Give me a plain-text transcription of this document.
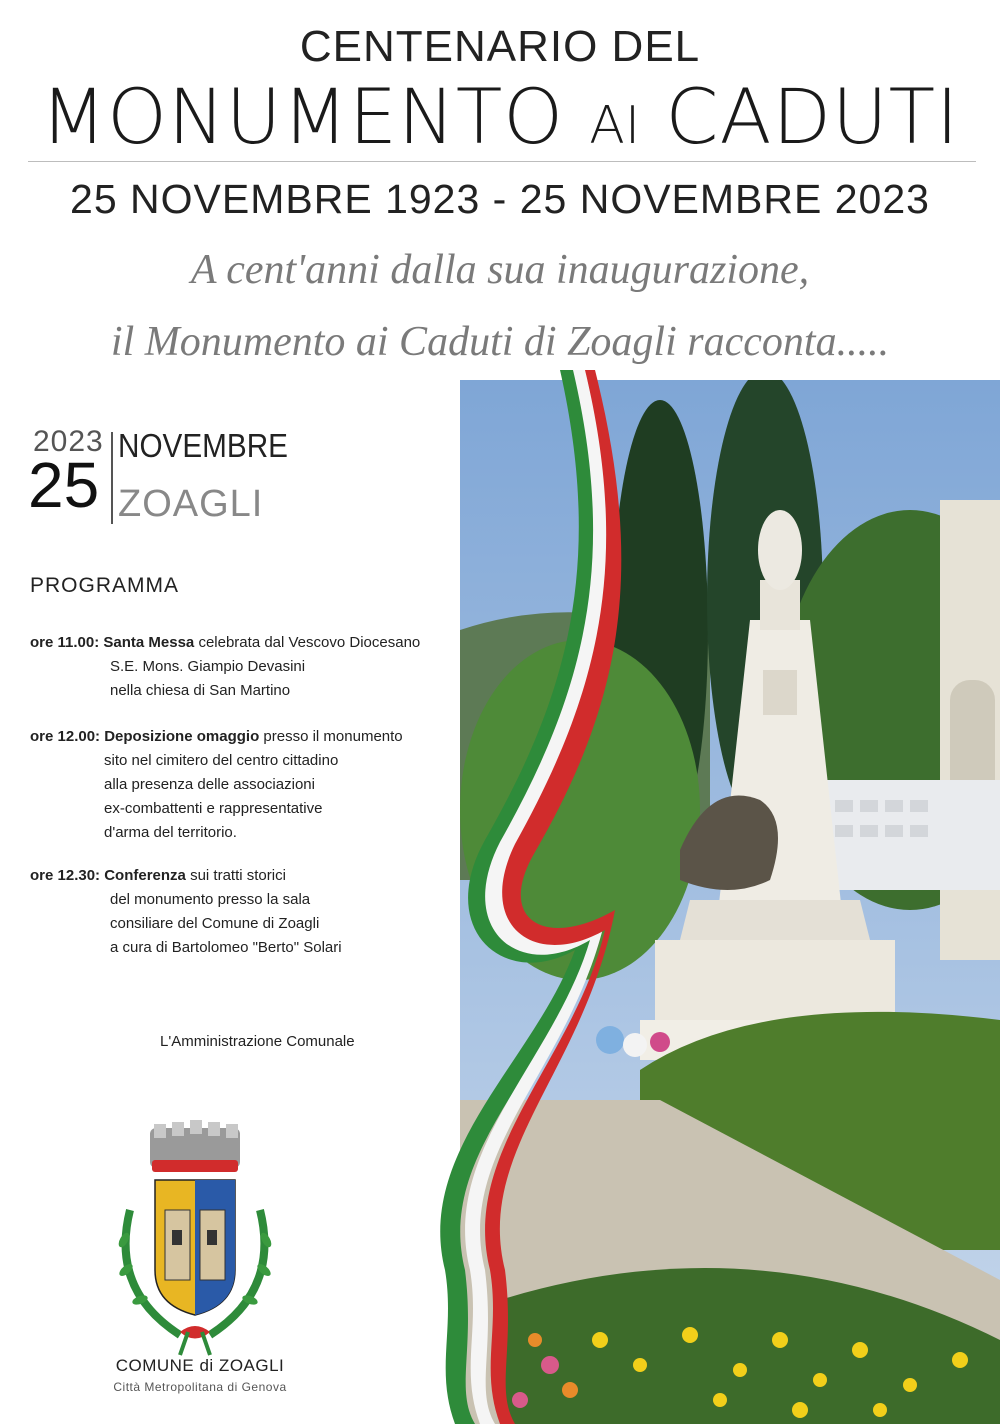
CENTENARIO DEL
MONUMENTO AI CADUTI
25 NOVEMBRE 1923 - 25 NOVEMBRE 2023
A cent'anni dalla sua inaugurazione,
il Monumento ai Caduti di Zoagli racconta.....
2023
25
NOVEMBRE
ZOAGLI
PROGRAMMA
ore 11.00: Santa Messa celebrata dal Vescovo Diocesano
S.E. Mons. Giampio Devasini
nella chiesa di San Martino
ore 12.00: Deposizione omaggio presso il monumento
sito nel cimitero del centro cittadino
alla presenza delle associazioni
ex-combattenti e rappresentative
d'arma del territorio.
ore 12.30: Conferenza sui tratti storici
del monumento presso la sala
consiliare del Comune di Zoagli
a cura di Bartolomeo "Berto" Solari
L'Amministrazione Comunale
COMUNE di ZOAGLI
Città Metropolitana di Genova
